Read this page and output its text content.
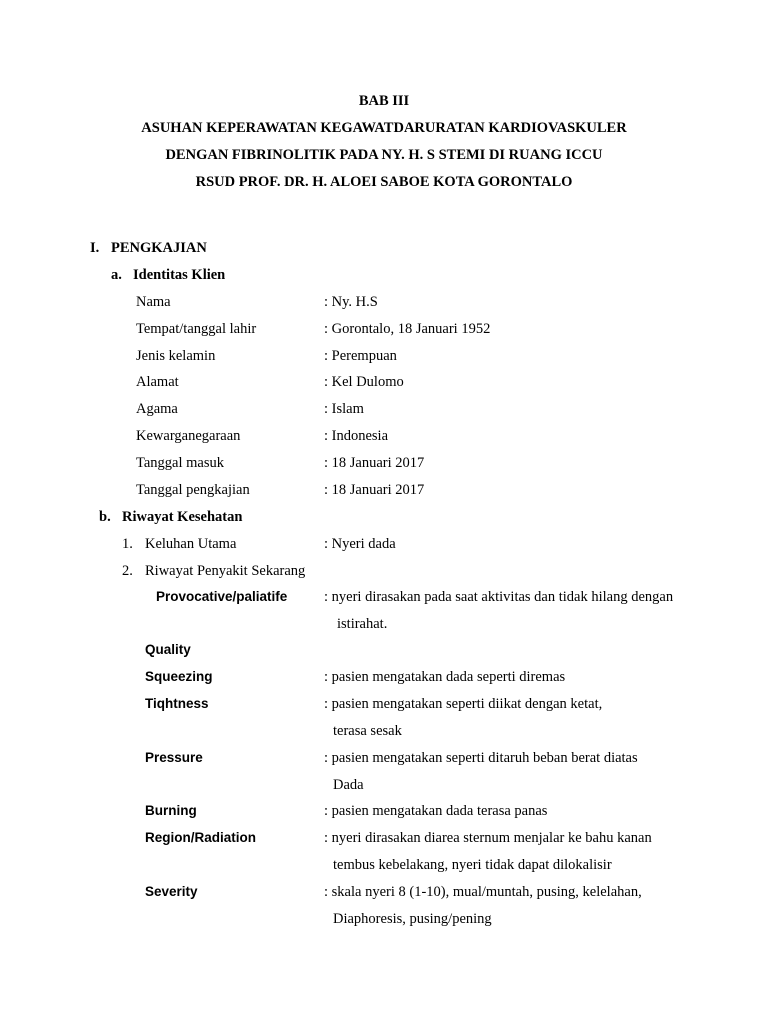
BAB III
ASUHAN KEPERAWATAN KEGAWATDARURATAN KARDIOVASKULER
DENGAN FIBRINOLITIK PADA NY. H. S STEMI DI RUANG ICCU
RSUD PROF. DR. H. ALOEI SABOE KOTA GORONTALO
I. PENGKAJIAN
a. Identitas Klien
Nama	: Ny. H.S
Tempat/tanggal lahir	: Gorontalo, 18 Januari 1952
Jenis kelamin	: Perempuan
Alamat	: Kel Dulomo
Agama	: Islam
Kewarganegaraan	: Indonesia
Tanggal masuk	: 18 Januari 2017
Tanggal pengkajian	: 18 Januari 2017
b. Riwayat Kesehatan
1. Keluhan Utama	: Nyeri dada
2. Riwayat Penyakit Sekarang
Provocative/paliatife	: nyeri dirasakan pada saat aktivitas dan tidak hilang dengan
istirahat.
Quality
Squeezing	: pasien mengatakan dada seperti diremas
Tiqhtness	: pasien mengatakan seperti diikat dengan ketat,
terasa sesak
Pressure	: pasien mengatakan seperti ditaruh beban berat diatas
Dada
Burning	: pasien mengatakan dada terasa panas
Region/Radiation	: nyeri dirasakan diarea sternum menjalar ke bahu kanan
tembus kebelakang, nyeri tidak dapat dilokalisir
Severity	: skala nyeri 8 (1-10), mual/muntah, pusing, kelelahan,
Diaphoresis, pusing/pening
